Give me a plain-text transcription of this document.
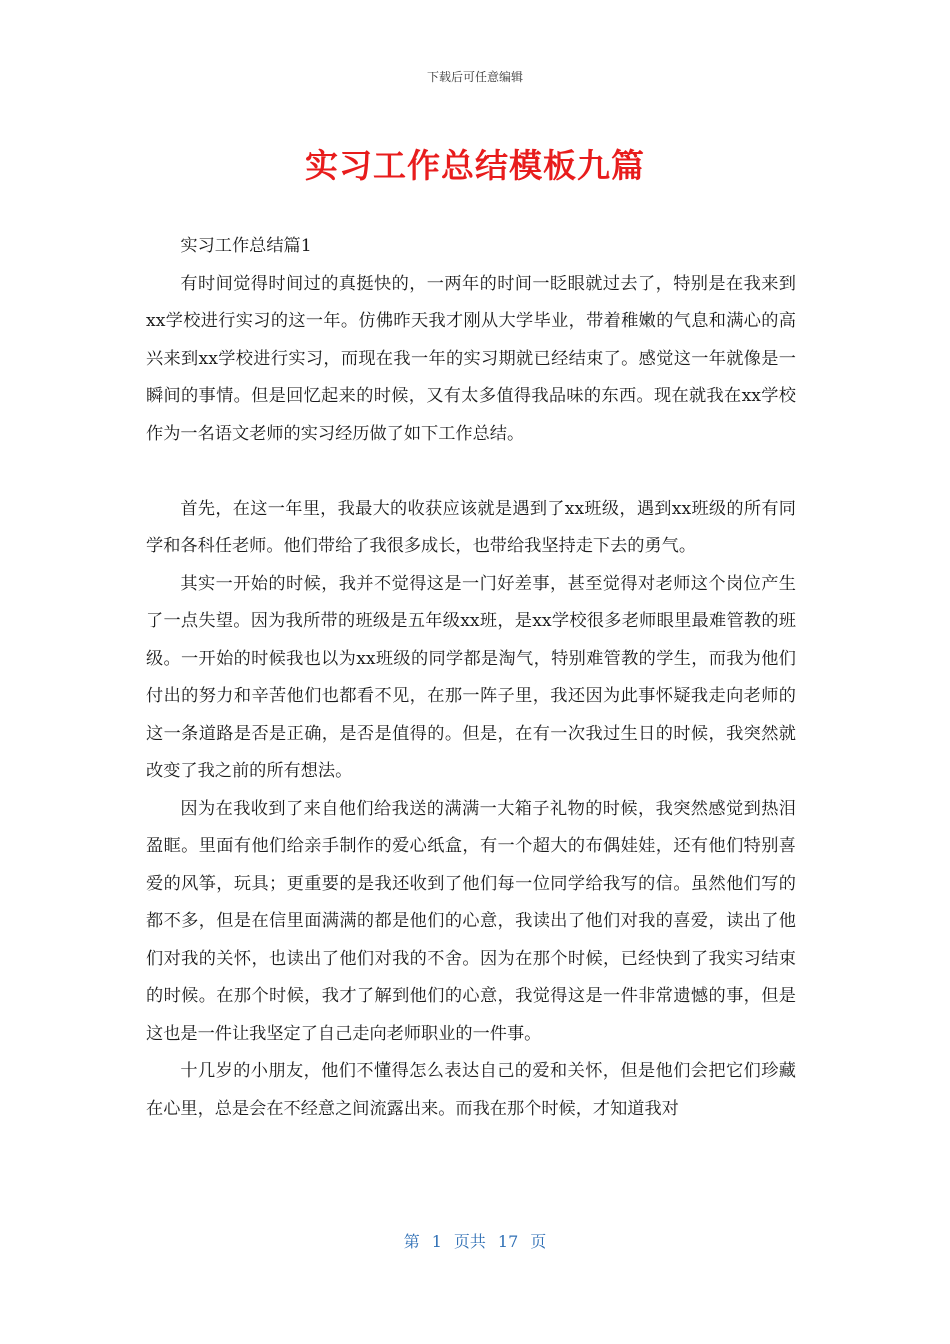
下载后可任意编辑
实习工作总结模板九篇

实习工作总结篇1

有时间觉得时间过的真挺快的，一两年的时间一眨眼就过去了，特别是在我来到xx学校进行实习的这一年。仿佛昨天我才刚从大学毕业，带着稚嫩的气息和满心的高兴来到xx学校进行实习，而现在我一年的实习期就已经结束了。感觉这一年就像是一瞬间的事情。但是回忆起来的时候，又有太多值得我品味的东西。现在就我在xx学校作为一名语文老师的实习经历做了如下工作总结。

首先，在这一年里，我最大的收获应该就是遇到了xx班级，遇到xx班级的所有同学和各科任老师。他们带给了我很多成长，也带给我坚持走下去的勇气。

其实一开始的时候，我并不觉得这是一门好差事，甚至觉得对老师这个岗位产生了一点失望。因为我所带的班级是五年级xx班，是xx学校很多老师眼里最难管教的班级。一开始的时候我也以为xx班级的同学都是淘气，特别难管教的学生，而我为他们付出的努力和辛苦他们也都看不见，在那一阵子里，我还因为此事怀疑我走向老师的这一条道路是否是正确，是否是值得的。但是，在有一次我过生日的时候，我突然就改变了我之前的所有想法。

因为在我收到了来自他们给我送的满满一大箱子礼物的时候，我突然感觉到热泪盈眶。里面有他们给亲手制作的爱心纸盒，有一个超大的布偶娃娃，还有他们特别喜爱的风筝，玩具；更重要的是我还收到了他们每一位同学给我写的信。虽然他们写的都不多，但是在信里面满满的都是他们的心意，我读出了他们对我的喜爱，读出了他们对我的关怀，也读出了他们对我的不舍。因为在那个时候，已经快到了我实习结束的时候。在那个时候，我才了解到他们的心意，我觉得这是一件非常遗憾的事，但是这也是一件让我坚定了自己走向老师职业的一件事。

十几岁的小朋友，他们不懂得怎么表达自己的爱和关怀，但是他们会把它们珍藏在心里，总是会在不经意之间流露出来。而我在那个时候，才知道我对

第 1 页共 17 页
